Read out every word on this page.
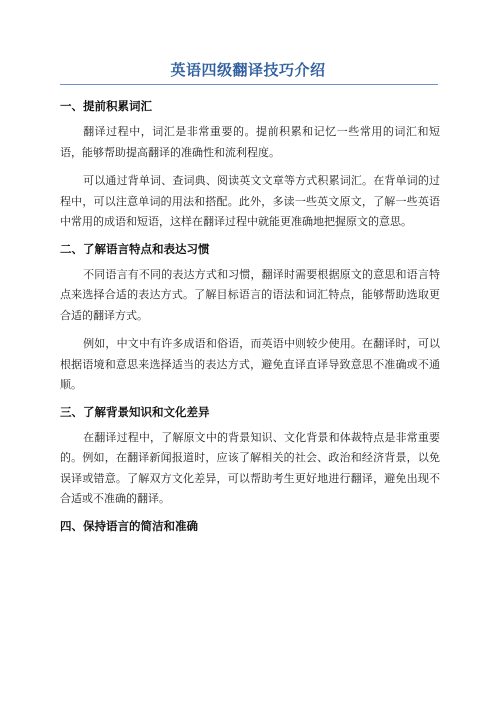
英语四级翻译技巧介绍
一、提前积累词汇

翻译过程中，词汇是非常重要的。提前积累和记忆一些常用的词汇和短语，能够帮助提高翻译的准确性和流利程度。

可以通过背单词、查词典、阅读英文文章等方式积累词汇。在背单词的过程中，可以注意单词的用法和搭配。此外，多读一些英文原文，了解一些英语中常用的成语和短语，这样在翻译过程中就能更准确地把握原文的意思。

二、了解语言特点和表达习惯

不同语言有不同的表达方式和习惯，翻译时需要根据原文的意思和语言特点来选择合适的表达方式。了解目标语言的语法和词汇特点，能够帮助选取更合适的翻译方式。

例如，中文中有许多成语和俗语，而英语中则较少使用。在翻译时，可以根据语境和意思来选择适当的表达方式，避免直译直译导致意思不准确或不通顺。

三、了解背景知识和文化差异

在翻译过程中，了解原文中的背景知识、文化背景和体裁特点是非常重要的。例如，在翻译新闻报道时，应该了解相关的社会、政治和经济背景，以免误译或错意。了解双方文化差异，可以帮助考生更好地进行翻译，避免出现不合适或不准确的翻译。

四、保持语言的简洁和准确
